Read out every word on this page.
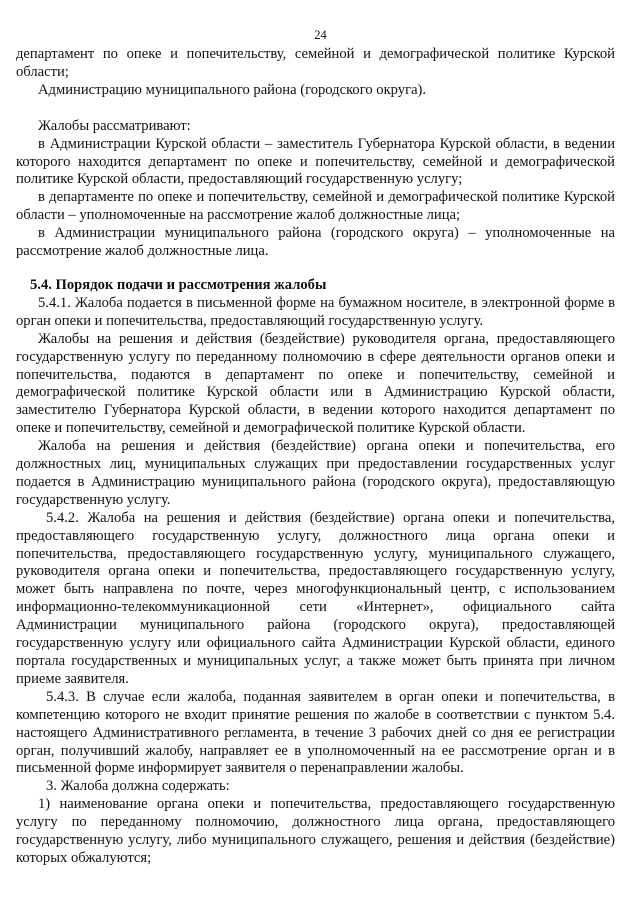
24

департамент по опеке и попечительству, семейной и демографической политике Курской области;

Администрацию муниципального района (городского округа).

Жалобы рассматривают:

в Администрации Курской области – заместитель Губернатора Курской области, в ведении которого находится департамент по опеке и попечительству, семейной и демографической политике Курской области, предоставляющий государственную услугу;

в департаменте по опеке и попечительству, семейной и демографической политике Курской области – уполномоченные на рассмотрение жалоб должностные лица;

в Администрации муниципального района (городского округа) – уполномоченные на рассмотрение жалоб должностные лица.

5.4. Порядок подачи и рассмотрения жалобы

5.4.1. Жалоба подается в письменной форме на бумажном носителе, в электронной форме в орган опеки и попечительства, предоставляющий государственную услугу.

Жалобы на решения и действия (бездействие) руководителя органа, предоставляющего государственную услугу по переданному полномочию в сфере деятельности органов опеки и попечительства, подаются в департамент по опеке и попечительству, семейной и демографической политике Курской области или в Администрацию Курской области, заместителю Губернатора Курской области, в ведении которого находится департамент по опеке и попечительству, семейной и демографической политике Курской области.

Жалоба на решения и действия (бездействие) органа опеки и попечительства, его должностных лиц, муниципальных служащих при предоставлении государственных услуг подается в Администрацию муниципального района (городского округа), предоставляющую государственную услугу.

5.4.2. Жалоба на решения и действия (бездействие) органа опеки и попечительства, предоставляющего государственную услугу, должностного лица органа опеки и попечительства, предоставляющего государственную услугу, муниципального служащего, руководителя органа опеки и попечительства, предоставляющего государственную услугу, может быть направлена по почте, через многофункциональный центр, с использованием информационно-телекоммуникационной сети «Интернет», официального сайта Администрации муниципального района (городского округа), предоставляющей государственную услугу или официального сайта Администрации Курской области, единого портала государственных и муниципальных услуг, а также может быть принята при личном приеме заявителя.

5.4.3. В случае если жалоба, поданная заявителем в орган опеки и попечительства, в компетенцию которого не входит принятие решения по жалобе в соответствии с пунктом 5.4. настоящего Административного регламента, в течение 3 рабочих дней со дня ее регистрации орган, получивший жалобу, направляет ее в уполномоченный на ее рассмотрение орган и в письменной форме информирует заявителя о перенаправлении жалобы.

3. Жалоба должна содержать:

1) наименование органа опеки и попечительства, предоставляющего государственную услугу по переданному полномочию, должностного лица органа, предоставляющего государственную услугу, либо муниципального служащего, решения и действия (бездействие) которых обжалуются;
